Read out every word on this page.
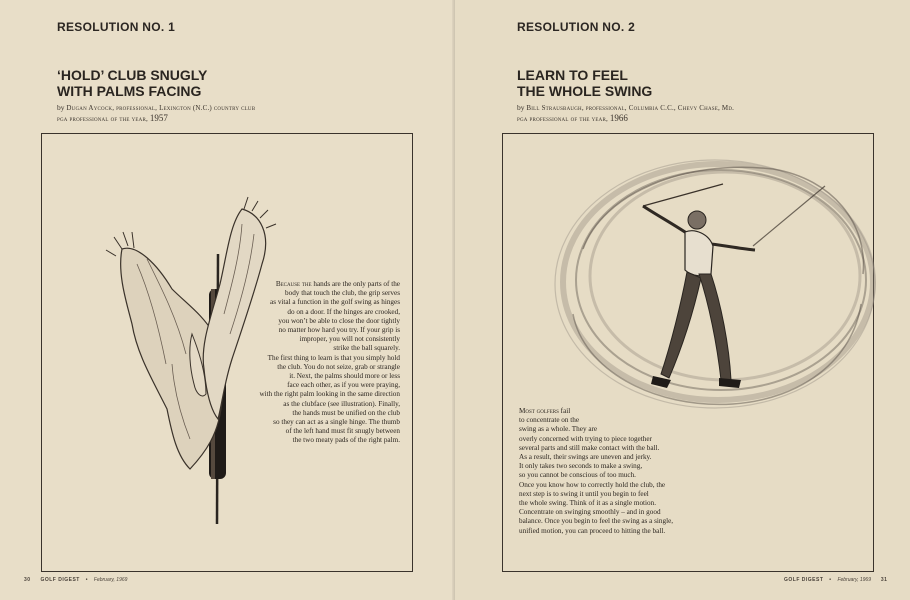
RESOLUTION NO. 1
‘HOLD’ CLUB SNUGLY
WITH PALMS FACING
by Dugan Aycock, professional, Lexington (N.C.) country club
pga professional of the year, 1957
Because the hands are the only parts of the
body that touch the club, the grip serves
as vital a function in the golf swing as hinges
do on a door. If the hinges are crooked,
you won’t be able to close the door tightly
no matter how hard you try. If your grip is
improper, you will not consistently
strike the ball squarely.
The first thing to learn is that you simply hold
the club. You do not seize, grab or strangle
it. Next, the palms should more or less
face each other, as if you were praying,
with the right palm looking in the same direction
as the clubface (see illustration). Finally,
the hands must be unified on the club
so they can act as a single hinge. The thumb
of the left hand must fit snugly between
the two meaty pads of the right palm.
30 GOLF DIGEST • February, 1969
RESOLUTION NO. 2
LEARN TO FEEL
THE WHOLE SWING
by Bill Strausbaugh, professional, Columbia C.C., Chevy Chase, Md.
pga professional of the year, 1966
Most golfers fail
to concentrate on the
swing as a whole. They are
overly concerned with trying to piece together
several parts and still make contact with the ball.
As a result, their swings are uneven and jerky.
It only takes two seconds to make a swing,
so you cannot be conscious of too much.
Once you know how to correctly hold the club, the
next step is to swing it until you begin to feel
the whole swing. Think of it as a single motion.
Concentrate on swinging smoothly – and in good
balance. Once you begin to feel the swing as a single,
unified motion, you can proceed to hitting the ball.
GOLF DIGEST • February, 1969 31
